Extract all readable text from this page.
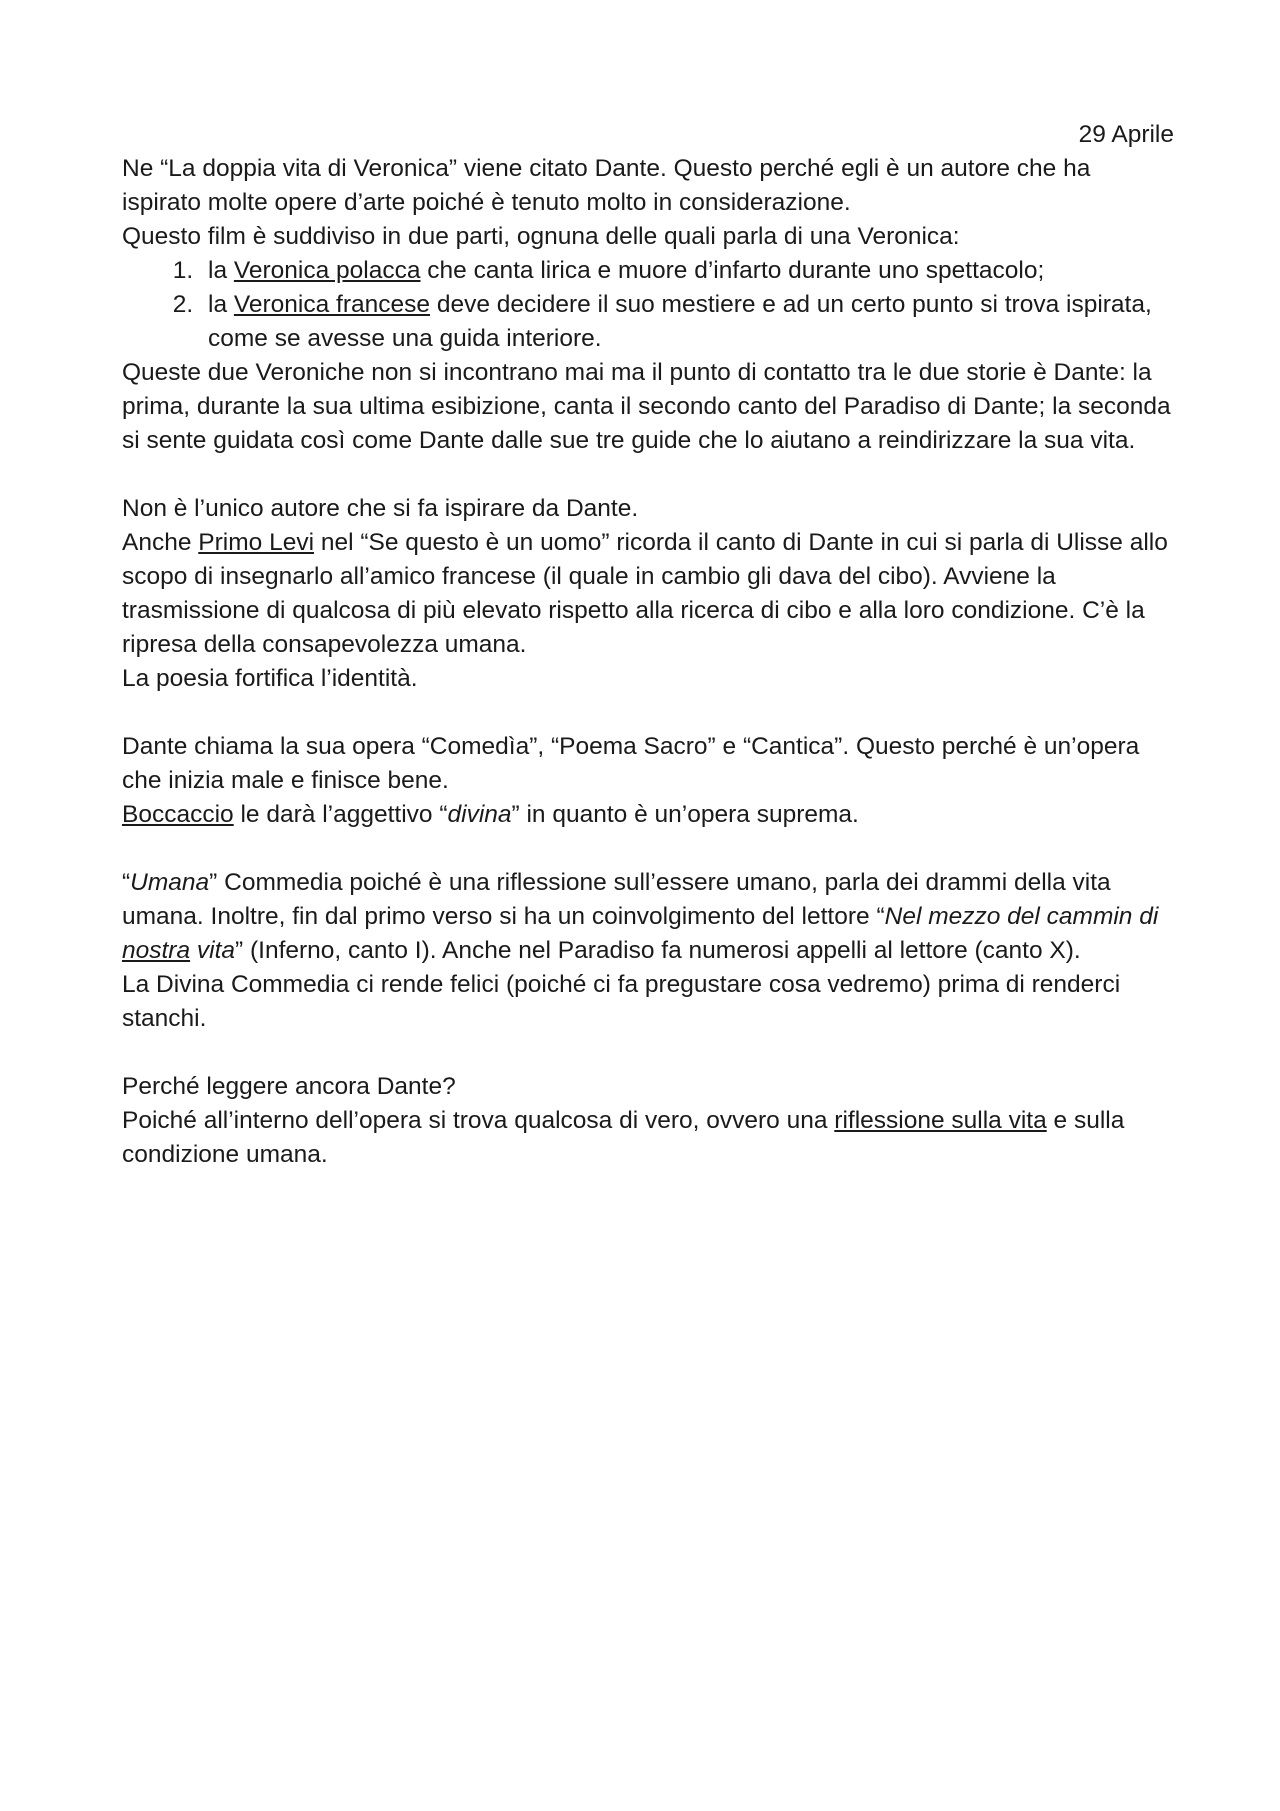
29 Aprile

Ne “La doppia vita di Veronica” viene citato Dante. Questo perché egli è un autore che ha ispirato molte opere d’arte poiché è tenuto molto in considerazione.

Questo film è suddiviso in due parti, ognuna delle quali parla di una Veronica:

1. la Veronica polacca che canta lirica e muore d’infarto durante uno spettacolo;
2. la Veronica francese deve decidere il suo mestiere e ad un certo punto si trova ispirata, come se avesse una guida interiore.

Queste due Veroniche non si incontrano mai ma il punto di contatto tra le due storie è Dante: la prima, durante la sua ultima esibizione, canta il secondo canto del Paradiso di Dante; la seconda si sente guidata così come Dante dalle sue tre guide che lo aiutano a reindirizzare la sua vita.

Non è l’unico autore che si fa ispirare da Dante.

Anche Primo Levi nel “Se questo è un uomo” ricorda il canto di Dante in cui si parla di Ulisse allo scopo di insegnarlo all’amico francese (il quale in cambio gli dava del cibo). Avviene la trasmissione di qualcosa di più elevato rispetto alla ricerca di cibo e alla loro condizione. C’è la ripresa della consapevolezza umana.

La poesia fortifica l’identità.

Dante chiama la sua opera “Comedìa”, “Poema Sacro” e “Cantica”. Questo perché è un’opera che inizia male e finisce bene.

Boccaccio le darà l’aggettivo “divina” in quanto è un’opera suprema.

“Umana” Commedia poiché è una riflessione sull’essere umano, parla dei drammi della vita umana. Inoltre, fin dal primo verso si ha un coinvolgimento del lettore “Nel mezzo del cammin di nostra vita” (Inferno, canto I). Anche nel Paradiso fa numerosi appelli al lettore (canto X).

La Divina Commedia ci rende felici (poiché ci fa pregustare cosa vedremo) prima di renderci stanchi.

Perché leggere ancora Dante?

Poiché all’interno dell’opera si trova qualcosa di vero, ovvero una riflessione sulla vita e sulla condizione umana.
